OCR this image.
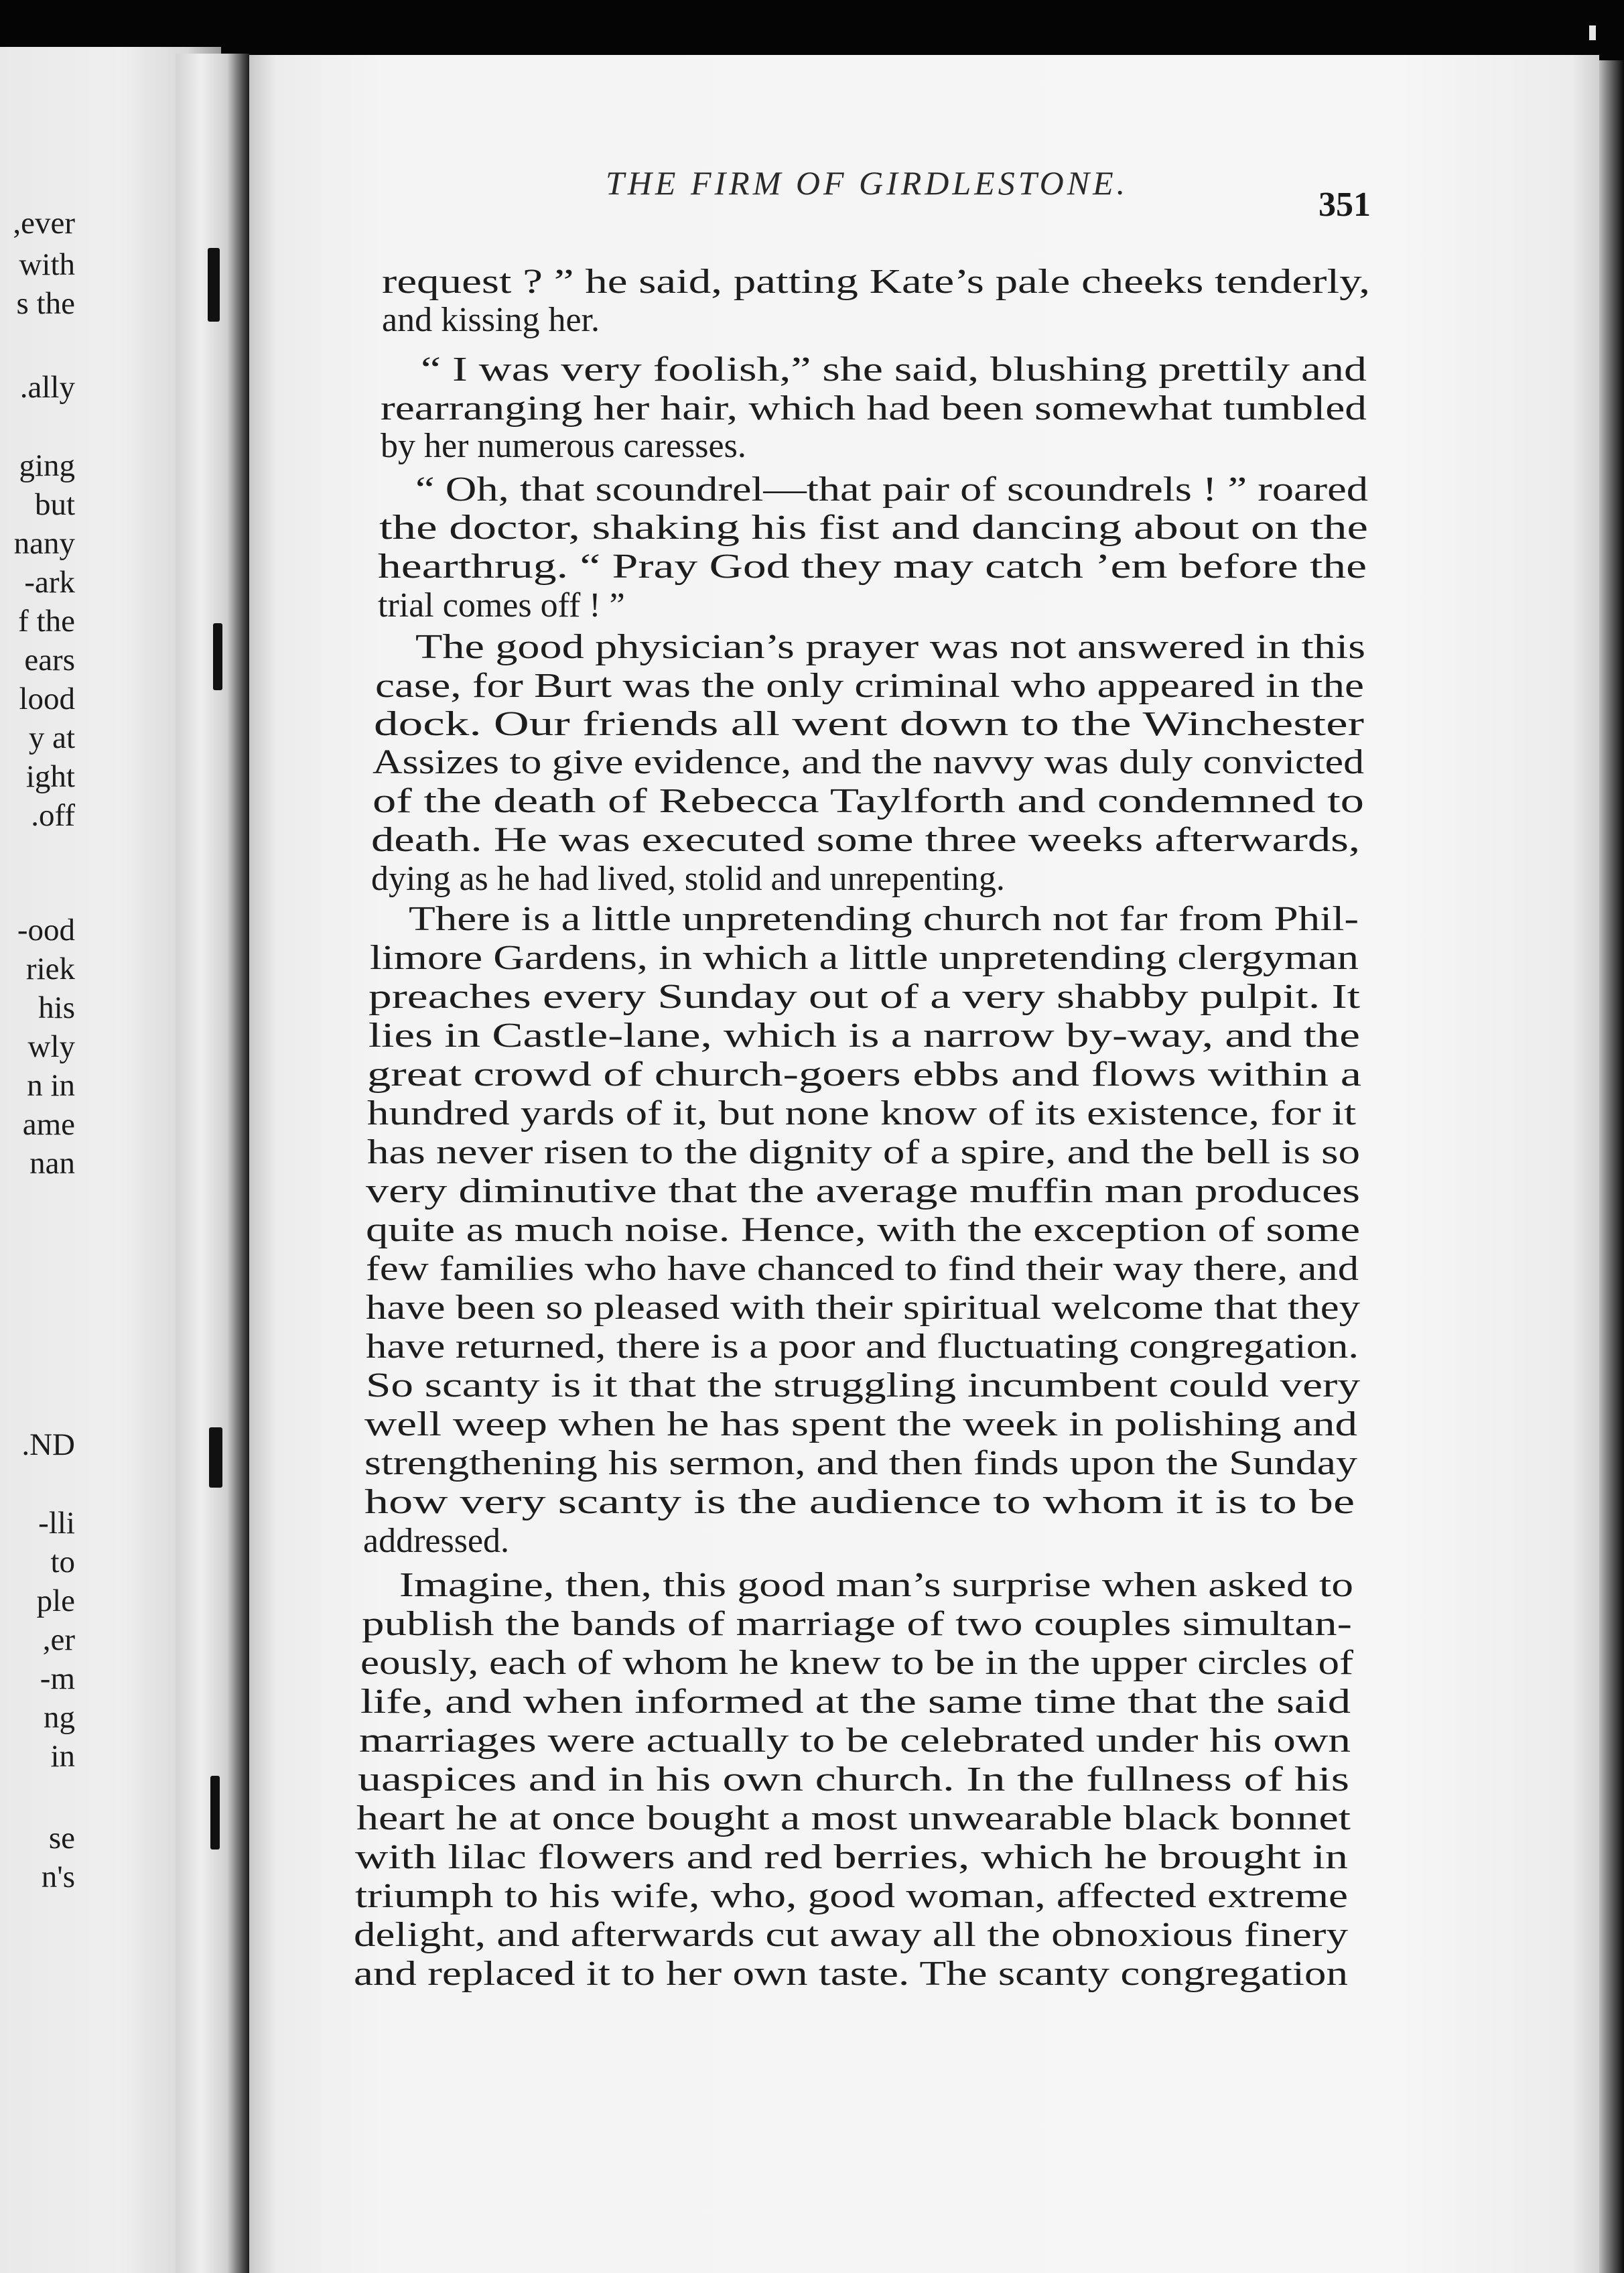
ever,
with
s the
ally.
ging
but
nany
ark-
f the
ears
lood
y at
ight
off.
ood-
riek
his
wly
n in
ame
nan
ND.
lli-
to
ple
er,
m-
ng
in
se
n's
THE FIRM OF GIRDLESTONE.
351
request ? ” he said, patting Kate’s pale cheeks tenderly,
and kissing her.
“ I was very foolish,” she said, blushing prettily and
rearranging her hair, which had been somewhat tumbled
by her numerous caresses.
“ Oh, that scoundrel—that pair of scoundrels ! ” roared
the doctor, shaking his fist and dancing about on the
hearthrug. “ Pray God they may catch ’em before the
trial comes off ! ”
The good physician’s prayer was not answered in this
case, for Burt was the only criminal who appeared in the
dock. Our friends all went down to the Winchester
Assizes to give evidence, and the navvy was duly convicted
of the death of Rebecca Taylforth and condemned to
death. He was executed some three weeks afterwards,
dying as he had lived, stolid and unrepenting.
There is a little unpretending church not far from Phil-
limore Gardens, in which a little unpretending clergyman
preaches every Sunday out of a very shabby pulpit. It
lies in Castle-lane, which is a narrow by-way, and the
great crowd of church-goers ebbs and flows within a
hundred yards of it, but none know of its existence, for it
has never risen to the dignity of a spire, and the bell is so
very diminutive that the average muffin man produces
quite as much noise. Hence, with the exception of some
few families who have chanced to find their way there, and
have been so pleased with their spiritual welcome that they
have returned, there is a poor and fluctuating congregation.
So scanty is it that the struggling incumbent could very
well weep when he has spent the week in polishing and
strengthening his sermon, and then finds upon the Sunday
how very scanty is the audience to whom it is to be
addressed.
Imagine, then, this good man’s surprise when asked to
publish the bands of marriage of two couples simultan-
eously, each of whom he knew to be in the upper circles of
life, and when informed at the same time that the said
marriages were actually to be celebrated under his own
uaspices and in his own church. In the fullness of his
heart he at once bought a most unwearable black bonnet
with lilac flowers and red berries, which he brought in
triumph to his wife, who, good woman, affected extreme
delight, and afterwards cut away all the obnoxious finery
and replaced it to her own taste. The scanty congregation
